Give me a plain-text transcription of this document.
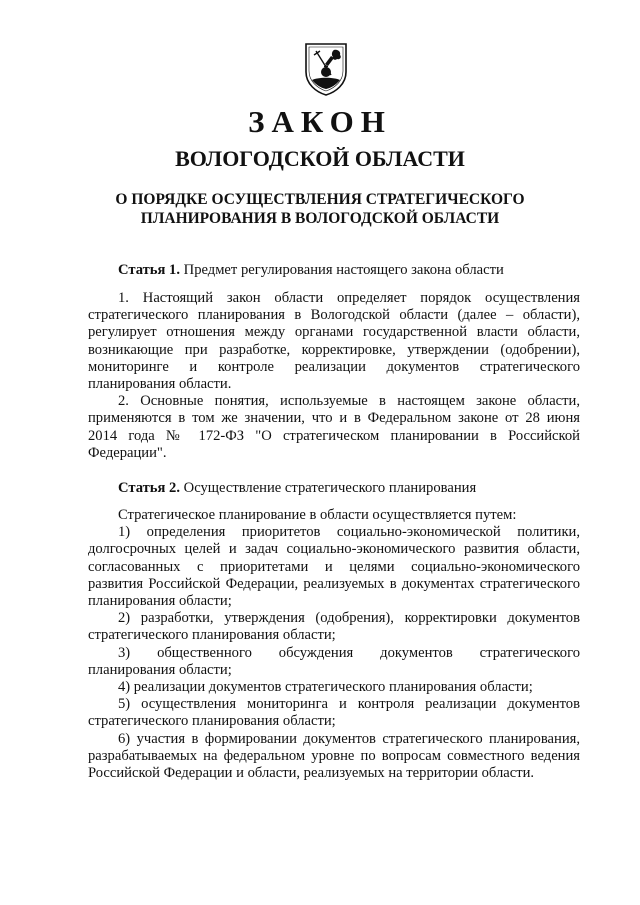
ЗАКОН
ВОЛОГОДСКОЙ ОБЛАСТИ
О ПОРЯДКЕ ОСУЩЕСТВЛЕНИЯ СТРАТЕГИЧЕСКОГО
ПЛАНИРОВАНИЯ В ВОЛОГОДСКОЙ ОБЛАСТИ
Статья 1. Предмет регулирования настоящего закона области
1. Настоящий закон области определяет порядок осуществления
стратегического планирования в Вологодской области (далее – области),
регулирует отношения между органами государственной власти области,
возникающие при разработке, корректировке, утверждении (одобрении),
мониторинге и контроле реализации документов стратегического
планирования области.
2. Основные понятия, используемые в настоящем законе области,
применяются в том же значении, что и в Федеральном законе от 28 июня
2014 года № 172-ФЗ "О стратегическом планировании в Российской
Федерации".
Статья 2. Осуществление стратегического планирования
Стратегическое планирование в области осуществляется путем:
1) определения приоритетов социально-экономической политики,
долгосрочных целей и задач социально-экономического развития области,
согласованных с приоритетами и целями социально-экономического
развития Российской Федерации, реализуемых в документах стратегического
планирования области;
2) разработки, утверждения (одобрения), корректировки документов
стратегического планирования области;
3) общественного обсуждения документов стратегического
планирования области;
4) реализации документов стратегического планирования области;
5) осуществления мониторинга и контроля реализации документов
стратегического планирования области;
6) участия в формировании документов стратегического планирования,
разрабатываемых на федеральном уровне по вопросам совместного ведения
Российской Федерации и области, реализуемых на территории области.
